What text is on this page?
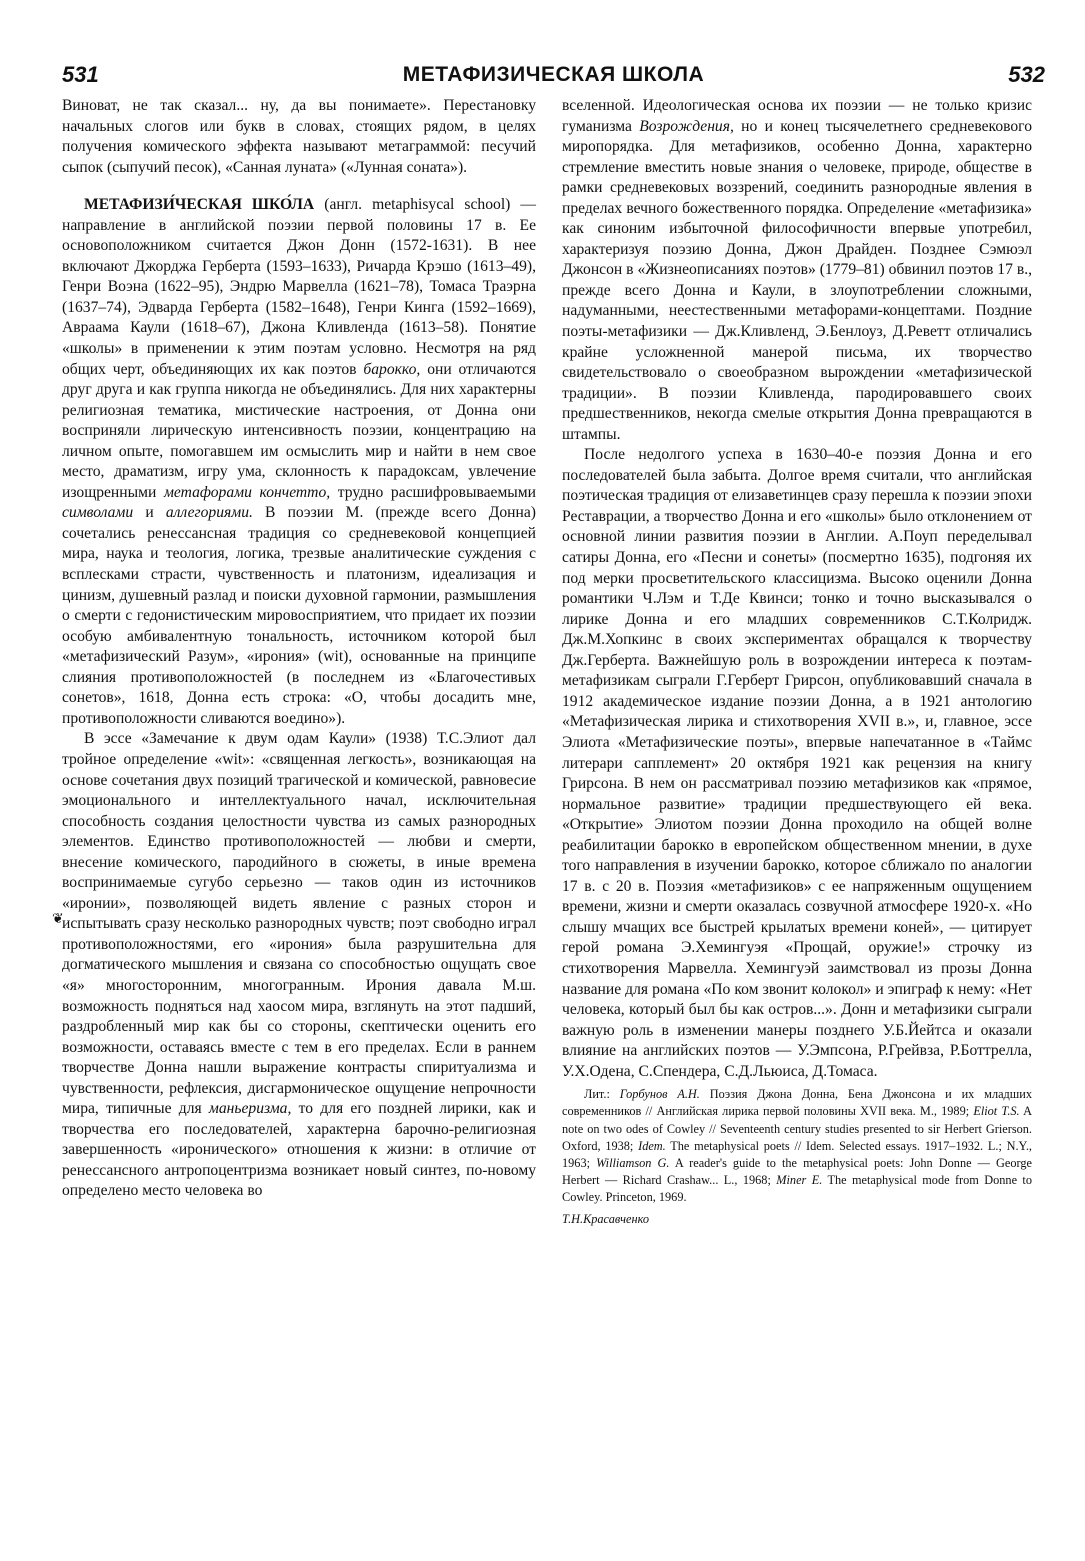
531	МЕТАФИЗИЧЕСКАЯ ШКОЛА	532
❦

Виноват, не так сказал... ну, да вы понимаете». Перестановку начальных слогов или букв в словах, стоящих рядом, в целях получения комического эффекта называют метаграммой: песучий сыпок (сыпучий песок), «Санная луната» («Лунная соната»).

МЕТАФИЗИ́ЧЕСКАЯ ШКО́ЛА (англ. metaphisycal school) — направление в английской поэзии первой половины 17 в. Ее основоположником считается Джон Донн (1572-1631). В нее включают Джорджа Герберта (1593–1633), Ричарда Крэшо (1613–49), Генри Воэна (1622–95), Эндрю Марвелла (1621–78), Томаса Траэрна (1637–74), Эдварда Герберта (1582–1648), Генри Кинга (1592–1669), Авраама Каули (1618–67), Джона Кливленда (1613–58). Понятие «школы» в применении к этим поэтам условно. Несмотря на ряд общих черт, объединяющих их как поэтов барокко, они отличаются друг друга и как группа никогда не объединялись. Для них характерны религиозная тематика, мистические настроения, от Донна они восприняли лирическую интенсивность поэзии, концентрацию на личном опыте, помогавшем им осмыслить мир и найти в нем свое место, драматизм, игру ума, склонность к парадоксам, увлечение изощренными метафорами кончетто, трудно расшифровываемыми символами и аллегориями. В поэзии М. (прежде всего Донна) сочетались ренессансная традиция со средневековой концепцией мира, наука и теология, логика, трезвые аналитические суждения с всплесками страсти, чувственность и платонизм, идеализация и цинизм, душевный разлад и поиски духовной гармонии, размышления о смерти с гедонистическим мировосприятием, что придает их поэзии особую амбивалентную тональность, источником которой был «метафизический Разум», «ирония» (wit), основанные на принципе слияния противоположностей (в последнем из «Благочестивых сонетов», 1618, Донна есть строка: «О, чтобы досадить мне, противоположности сливаются воедино»).

В эссе «Замечание к двум одам Каули» (1938) Т.С.Элиот дал тройное определение «wit»: «священная легкость», возникающая на основе сочетания двух позиций трагической и комической, равновесие эмоционального и интеллектуального начал, исключительная способность создания целостности чувства из самых разнородных элементов. Единство противоположностей — любви и смерти, внесение комического, пародийного в сюжеты, в иные времена воспринимаемые сугубо серьезно — таков один из источников «иронии», позволяющей видеть явление с разных сторон и испытывать сразу несколько разнородных чувств; поэт свободно играл противоположностями, его «ирония» была разрушительна для догматического мышления и связана со способностью ощущать свое «я» многосторонним, многогранным. Ирония давала М.ш. возможность подняться над хаосом мира, взглянуть на этот падший, раздробленный мир как бы со стороны, скептически оценить его возможности, оставаясь вместе с тем в его пределах. Если в раннем творчестве Донна нашли выражение контрасты спиритуализма и чувственности, рефлексия, дисгармоническое ощущение непрочности мира, типичные для маньеризма, то для его поздней лирики, как и творчества его последователей, характерна барочно-религиозная завершенность «иронического» отношения к жизни: в отличие от ренессансного антропоцентризма возникает новый синтез, по-новому определено место человека во

вселенной. Идеологическая основа их поэзии — не только кризис гуманизма Возрождения, но и конец тысячелетнего средневекового миропорядка. Для метафизиков, особенно Донна, характерно стремление вместить новые знания о человеке, природе, обществе в рамки средневековых воззрений, соединить разнородные явления в пределах вечного божественного порядка. Определение «метафизика» как синоним избыточной философичности впервые употребил, характеризуя поэзию Донна, Джон Драйден. Позднее Сэмюэл Джонсон в «Жизнеописаниях поэтов» (1779–81) обвинил поэтов 17 в., прежде всего Донна и Каули, в злоупотреблении сложными, надуманными, неестественными метафорами-концептами. Поздние поэты-метафизики — Дж.Кливленд, Э.Бенлоуз, Д.Реветт отличались крайне усложненной манерой письма, их творчество свидетельствовало о своеобразном вырождении «метафизической традиции». В поэзии Кливленда, пародировавшего своих предшественников, некогда смелые открытия Донна превращаются в штампы.

После недолгого успеха в 1630–40-е поэзия Донна и его последователей была забыта. Долгое время считали, что английская поэтическая традиция от елизаветинцев сразу перешла к поэзии эпохи Реставрации, а творчество Донна и его «школы» было отклонением от основной линии развития поэзии в Англии. А.Поуп переделывал сатиры Донна, его «Песни и сонеты» (посмертно 1635), подгоняя их под мерки просветительского классицизма. Высоко оценили Донна романтики Ч.Лэм и Т.Де Квинси; тонко и точно высказывался о лирике Донна и его младших современников С.Т.Колридж. Дж.М.Хопкинс в своих экспериментах обращался к творчеству Дж.Герберта. Важнейшую роль в возрождении интереса к поэтам-метафизикам сыграли Г.Герберт Грирсон, опубликовавший сначала в 1912 академическое издание поэзии Донна, а в 1921 антологию «Метафизическая лирика и стихотворения XVII в.», и, главное, эссе Элиота «Метафизические поэты», впервые напечатанное в «Таймс литерари сапплемент» 20 октября 1921 как рецензия на книгу Грирсона. В нем он рассматривал поэзию метафизиков как «прямое, нормальное развитие» традиции предшествующего ей века. «Открытие» Элиотом поэзии Донна проходило на общей волне реабилитации барокко в европейском общественном мнении, в духе того направления в изучении барокко, которое сближало по аналогии 17 в. с 20 в. Поэзия «метафизиков» с ее напряженным ощущением времени, жизни и смерти оказалась созвучной атмосфере 1920-х. «Но слышу мчащих все быстрей крылатых времени коней», — цитирует герой романа Э.Хемингуэя «Прощай, оружие!» строчку из стихотворения Марвелла. Хемингуэй заимствовал из прозы Донна название для романа «По ком звонит колокол» и эпиграф к нему: «Нет человека, который был бы как остров...». Донн и метафизики сыграли важную роль в изменении манеры позднего У.Б.Йейтса и оказали влияние на английских поэтов — У.Эмпсона, Р.Грейвза, Р.Боттрелла, У.Х.Одена, С.Спендера, С.Д.Льюиса, Д.Томаса.

Лит.: Горбунов А.Н. Поэзия Джона Донна, Бена Джонсона и их младших современников // Английская лирика первой половины XVII века. М., 1989; Eliot T.S. A note on two odes of Cowley // Seventeenth century studies presented to sir Herbert Grierson. Oxford, 1938; Idem. The metaphysical poets // Idem. Selected essays. 1917–1932. L.; N.Y., 1963; Williamson G. A reader's guide to the metaphysical poets: John Donne — George Herbert — Richard Crashaw... L., 1968; Miner E. The metaphysical mode from Donne to Cowley. Princeton, 1969.

Т.Н.Красавченко
